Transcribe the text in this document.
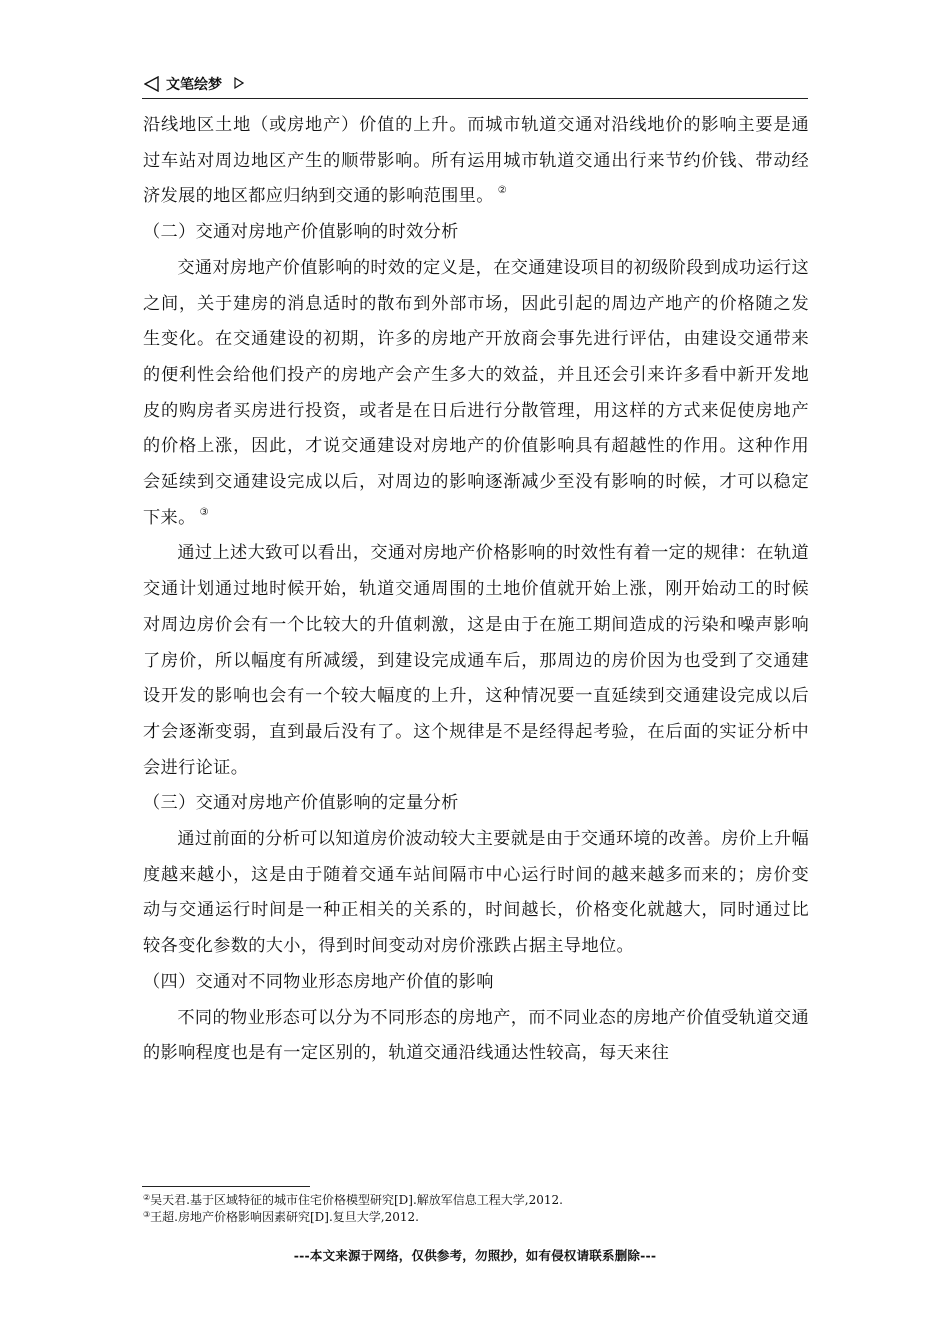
文笔绘梦

沿线地区土地（或房地产）价值的上升。而城市轨道交通对沿线地价的影响主要是通过车站对周边地区产生的顺带影响。所有运用城市轨道交通出行来节约价钱、带动经济发展的地区都应归纳到交通的影响范围里。 ②

（二）交通对房地产价值影响的时效分析

交通对房地产价值影响的时效的定义是，在交通建设项目的初级阶段到成功运行这之间，关于建房的消息适时的散布到外部市场，因此引起的周边产地产的价格随之发生变化。在交通建设的初期，许多的房地产开放商会事先进行评估，由建设交通带来的便利性会给他们投产的房地产会产生多大的效益，并且还会引来许多看中新开发地皮的购房者买房进行投资，或者是在日后进行分散管理，用这样的方式来促使房地产的价格上涨，因此，才说交通建设对房地产的价值影响具有超越性的作用。这种作用会延续到交通建设完成以后，对周边的影响逐渐减少至没有影响的时候，才可以稳定下来。 ③

通过上述大致可以看出，交通对房地产价格影响的时效性有着一定的规律：在轨道交通计划通过地时候开始，轨道交通周围的土地价值就开始上涨，刚开始动工的时候对周边房价会有一个比较大的升值刺激，这是由于在施工期间造成的污染和噪声影响了房价，所以幅度有所减缓，到建设完成通车后，那周边的房价因为也受到了交通建设开发的影响也会有一个较大幅度的上升，这种情况要一直延续到交通建设完成以后才会逐渐变弱，直到最后没有了。这个规律是不是经得起考验，在后面的实证分析中会进行论证。

（三）交通对房地产价值影响的定量分析

通过前面的分析可以知道房价波动较大主要就是由于交通环境的改善。房价上升幅度越来越小，这是由于随着交通车站间隔市中心运行时间的越来越多而来的；房价变动与交通运行时间是一种正相关的关系的，时间越长，价格变化就越大，同时通过比较各变化参数的大小，得到时间变动对房价涨跌占据主导地位。

（四）交通对不同物业形态房地产价值的影响

不同的物业形态可以分为不同形态的房地产，而不同业态的房地产价值受轨道交通的影响程度也是有一定区别的，轨道交通沿线通达性较高，每天来往

②吴天君.基于区域特征的城市住宅价格模型研究[D].解放军信息工程大学,2012.
③王超.房地产价格影响因素研究[D].复旦大学,2012.
---本文来源于网络，仅供参考，勿照抄，如有侵权请联系删除---
